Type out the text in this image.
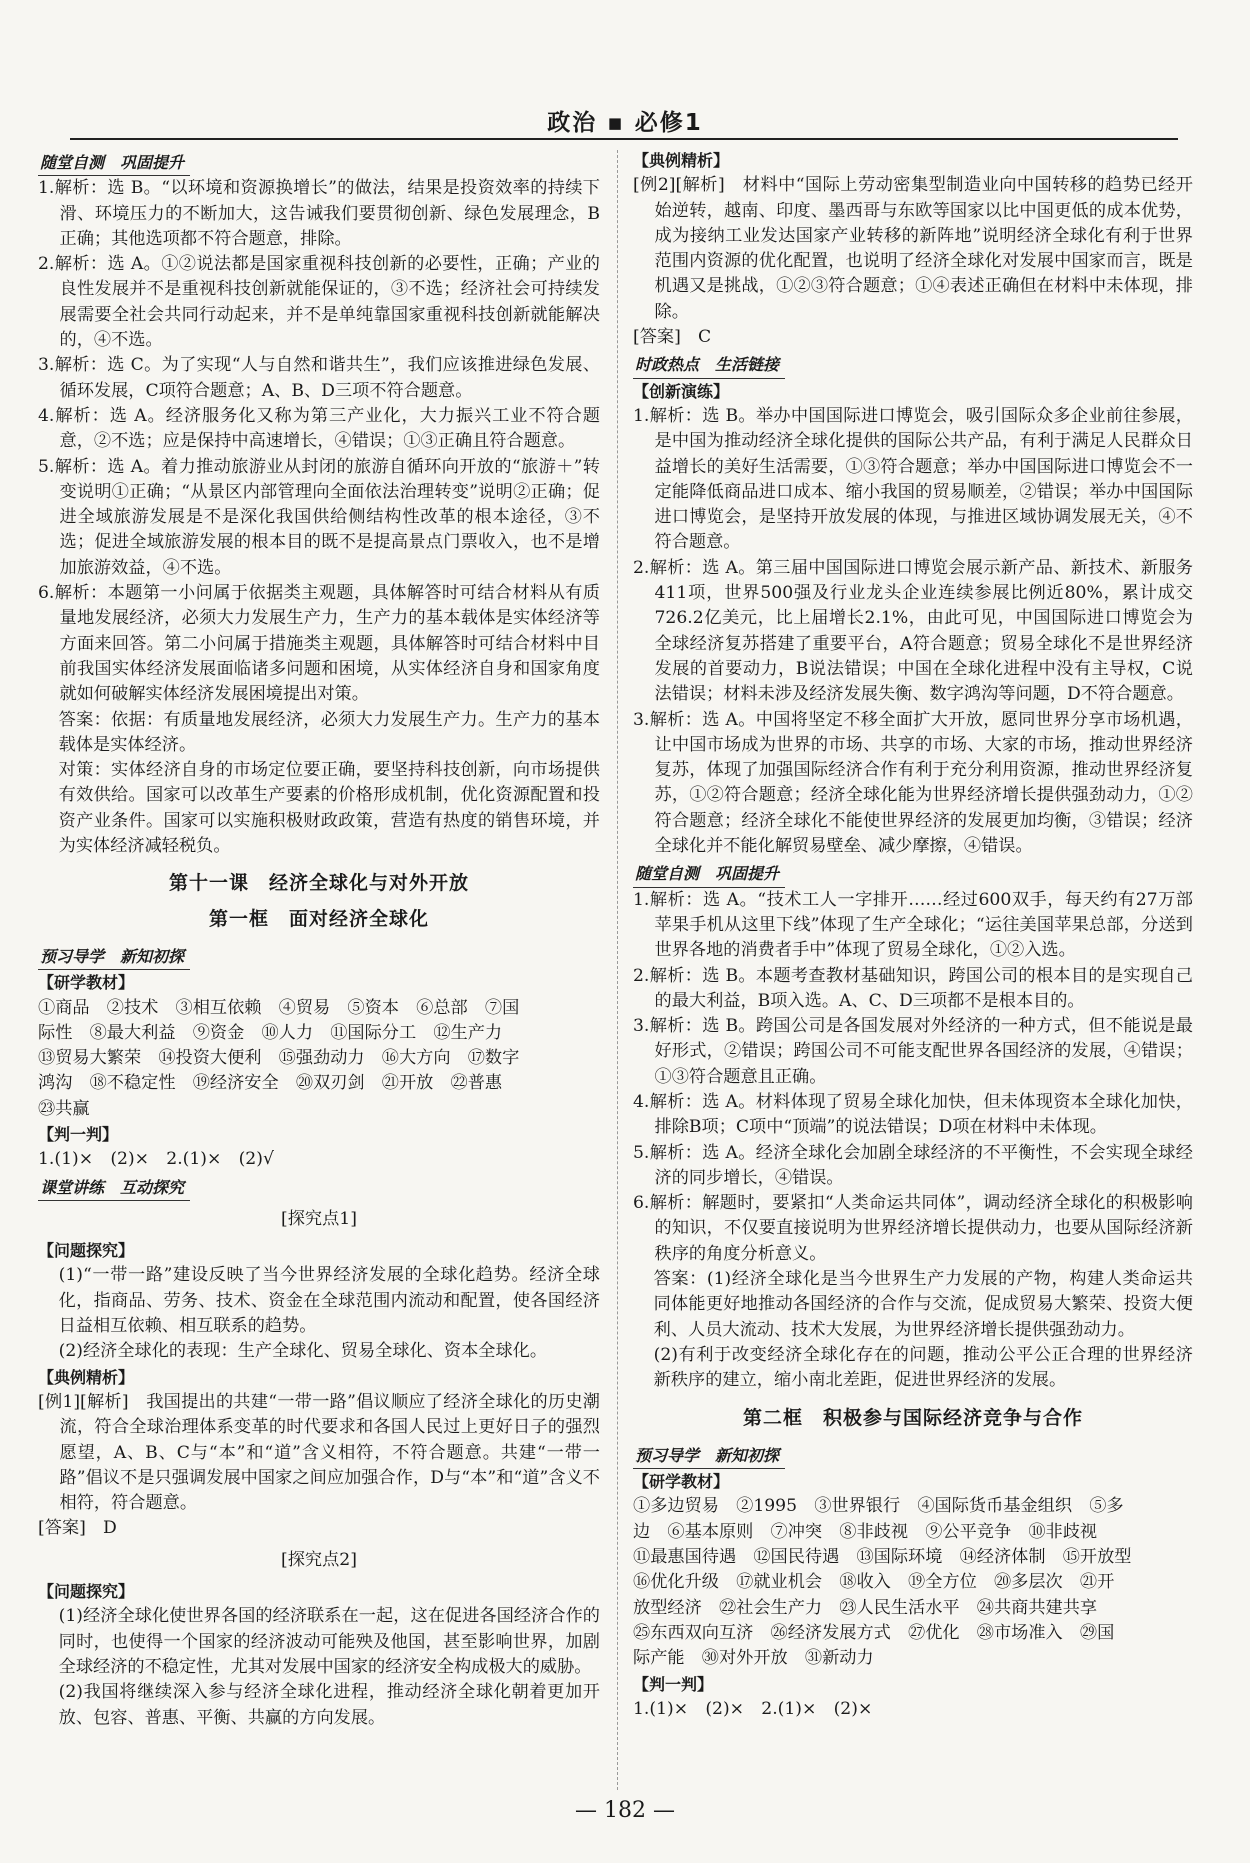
政治 ▪ 必修1
随堂自测　巩固提升

1.解析：选 B。“以环境和资源换增长”的做法，结果是投资效率的持续下滑、环境压力的不断加大，这告诫我们要贯彻创新、绿色发展理念，B正确；其他选项都不符合题意，排除。

2.解析：选 A。①②说法都是国家重视科技创新的必要性，正确；产业的良性发展并不是重视科技创新就能保证的，③不选；经济社会可持续发展需要全社会共同行动起来，并不是单纯靠国家重视科技创新就能解决的，④不选。

3.解析：选 C。为了实现“人与自然和谐共生”，我们应该推进绿色发展、循环发展，C项符合题意；A、B、D三项不符合题意。

4.解析：选 A。经济服务化又称为第三产业化，大力振兴工业不符合题意，②不选；应是保持中高速增长，④错误；①③正确且符合题意。

5.解析：选 A。着力推动旅游业从封闭的旅游自循环向开放的“旅游＋”转变说明①正确；“从景区内部管理向全面依法治理转变”说明②正确；促进全域旅游发展是不是深化我国供给侧结构性改革的根本途径，③不选；促进全域旅游发展的根本目的既不是提高景点门票收入，也不是增加旅游效益，④不选。

6.解析：本题第一小问属于依据类主观题，具体解答时可结合材料从有质量地发展经济，必须大力发展生产力，生产力的基本载体是实体经济等方面来回答。第二小问属于措施类主观题，具体解答时可结合材料中目前我国实体经济发展面临诸多问题和困境，从实体经济自身和国家角度就如何破解实体经济发展困境提出对策。

答案：依据：有质量地发展经济，必须大力发展生产力。生产力的基本载体是实体经济。

对策：实体经济自身的市场定位要正确，要坚持科技创新，向市场提供有效供给。国家可以改革生产要素的价格形成机制，优化资源配置和投资产业条件。国家可以实施积极财政政策，营造有热度的销售环境，并为实体经济减轻税负。

第十一课　经济全球化与对外开放
第一框　面对经济全球化
预习导学　新知初探
【研学教材】

①商品　②技术　③相互依赖　④贸易　⑤资本　⑥总部　⑦国

际性　⑧最大利益　⑨资金　⑩人力　⑪国际分工　⑫生产力

⑬贸易大繁荣　⑭投资大便利　⑮强劲动力　⑯大方向　⑰数字

鸿沟　⑱不稳定性　⑲经济安全　⑳双刃剑　㉑开放　㉒普惠

㉓共赢

【判一判】

1.(1)×　(2)×　2.(1)×　(2)√

课堂讲练　互动探究

[探究点1]

【问题探究】

(1)“一带一路”建设反映了当今世界经济发展的全球化趋势。经济全球化，指商品、劳务、技术、资金在全球范围内流动和配置，使各国经济日益相互依赖、相互联系的趋势。

(2)经济全球化的表现：生产全球化、贸易全球化、资本全球化。

【典例精析】

[例1][解析]　我国提出的共建“一带一路”倡议顺应了经济全球化的历史潮流，符合全球治理体系变革的时代要求和各国人民过上更好日子的强烈愿望，A、B、C与“本”和“道”含义相符，不符合题意。共建“一带一路”倡议不是只强调发展中国家之间应加强合作，D与“本”和“道”含义不相符，符合题意。

[答案]　D

[探究点2]

【问题探究】

(1)经济全球化使世界各国的经济联系在一起，这在促进各国经济合作的同时，也使得一个国家的经济波动可能殃及他国，甚至影响世界，加剧全球经济的不稳定性，尤其对发展中国家的经济安全构成极大的威胁。

(2)我国将继续深入参与经济全球化进程，推动经济全球化朝着更加开放、包容、普惠、平衡、共赢的方向发展。

【典例精析】

[例2][解析]　材料中“国际上劳动密集型制造业向中国转移的趋势已经开始逆转，越南、印度、墨西哥与东欧等国家以比中国更低的成本优势，成为接纳工业发达国家产业转移的新阵地”说明经济全球化有利于世界范围内资源的优化配置，也说明了经济全球化对发展中国家而言，既是机遇又是挑战，①②③符合题意；①④表述正确但在材料中未体现，排除。

[答案]　C

时政热点　生活链接
【创新演练】

1.解析：选 B。举办中国国际进口博览会，吸引国际众多企业前往参展，是中国为推动经济全球化提供的国际公共产品，有利于满足人民群众日益增长的美好生活需要，①③符合题意；举办中国国际进口博览会不一定能降低商品进口成本、缩小我国的贸易顺差，②错误；举办中国国际进口博览会，是坚持开放发展的体现，与推进区域协调发展无关，④不符合题意。

2.解析：选 A。第三届中国国际进口博览会展示新产品、新技术、新服务411项，世界500强及行业龙头企业连续参展比例近80%，累计成交726.2亿美元，比上届增长2.1%，由此可见，中国国际进口博览会为全球经济复苏搭建了重要平台，A符合题意；贸易全球化不是世界经济发展的首要动力，B说法错误；中国在全球化进程中没有主导权，C说法错误；材料未涉及经济发展失衡、数字鸿沟等问题，D不符合题意。

3.解析：选 A。中国将坚定不移全面扩大开放，愿同世界分享市场机遇，让中国市场成为世界的市场、共享的市场、大家的市场，推动世界经济复苏，体现了加强国际经济合作有利于充分利用资源，推动世界经济复苏，①②符合题意；经济全球化能为世界经济增长提供强劲动力，①②符合题意；经济全球化不能使世界经济的发展更加均衡，③错误；经济全球化并不能化解贸易壁垒、减少摩擦，④错误。

随堂自测　巩固提升

1.解析：选 A。“技术工人一字排开……经过600双手，每天约有27万部苹果手机从这里下线”体现了生产全球化；“运往美国苹果总部，分送到世界各地的消费者手中”体现了贸易全球化，①②入选。

2.解析：选 B。本题考查教材基础知识，跨国公司的根本目的是实现自己的最大利益，B项入选。A、C、D三项都不是根本目的。

3.解析：选 B。跨国公司是各国发展对外经济的一种方式，但不能说是最好形式，②错误；跨国公司不可能支配世界各国经济的发展，④错误；①③符合题意且正确。

4.解析：选 A。材料体现了贸易全球化加快，但未体现资本全球化加快，排除B项；C项中“顶端”的说法错误；D项在材料中未体现。

5.解析：选 A。经济全球化会加剧全球经济的不平衡性，不会实现全球经济的同步增长，④错误。

6.解析：解题时，要紧扣“人类命运共同体”，调动经济全球化的积极影响的知识，不仅要直接说明为世界经济增长提供动力，也要从国际经济新秩序的角度分析意义。

答案：(1)经济全球化是当今世界生产力发展的产物，构建人类命运共同体能更好地推动各国经济的合作与交流，促成贸易大繁荣、投资大便利、人员大流动、技术大发展，为世界经济增长提供强劲动力。

(2)有利于改变经济全球化存在的问题，推动公平公正合理的世界经济新秩序的建立，缩小南北差距，促进世界经济的发展。

第二框　积极参与国际经济竞争与合作
预习导学　新知初探
【研学教材】

①多边贸易　②1995　③世界银行　④国际货币基金组织　⑤多

边　⑥基本原则　⑦冲突　⑧非歧视　⑨公平竞争　⑩非歧视

⑪最惠国待遇　⑫国民待遇　⑬国际环境　⑭经济体制　⑮开放型

⑯优化升级　⑰就业机会　⑱收入　⑲全方位　⑳多层次　㉑开

放型经济　㉒社会生产力　㉓人民生活水平　㉔共商共建共享

㉕东西双向互济　㉖经济发展方式　㉗优化　㉘市场准入　㉙国

际产能　㉚对外开放　㉛新动力

【判一判】

1.(1)×　(2)×　2.(1)×　(2)×

— 182 —
